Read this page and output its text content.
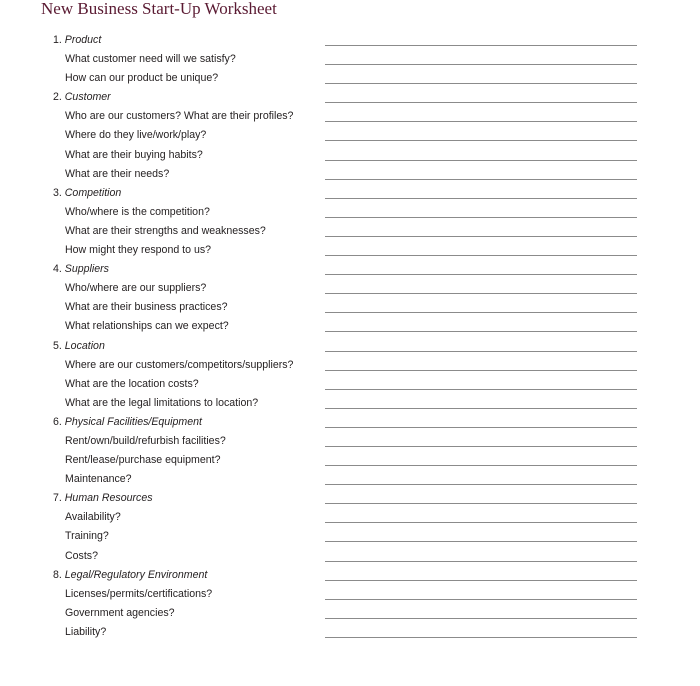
New Business Start-Up Worksheet
1. Product
What customer need will we satisfy?
How can our product be unique?
2. Customer
Who are our customers? What are their profiles?
Where do they live/work/play?
What are their buying habits?
What are their needs?
3. Competition
Who/where is the competition?
What are their strengths and weaknesses?
How might they respond to us?
4. Suppliers
Who/where are our suppliers?
What are their business practices?
What relationships can we expect?
5. Location
Where are our customers/competitors/suppliers?
What are the location costs?
What are the legal limitations to location?
6. Physical Facilities/Equipment
Rent/own/build/refurbish facilities?
Rent/lease/purchase equipment?
Maintenance?
7. Human Resources
Availability?
Training?
Costs?
8. Legal/Regulatory Environment
Licenses/permits/certifications?
Government agencies?
Liability?
